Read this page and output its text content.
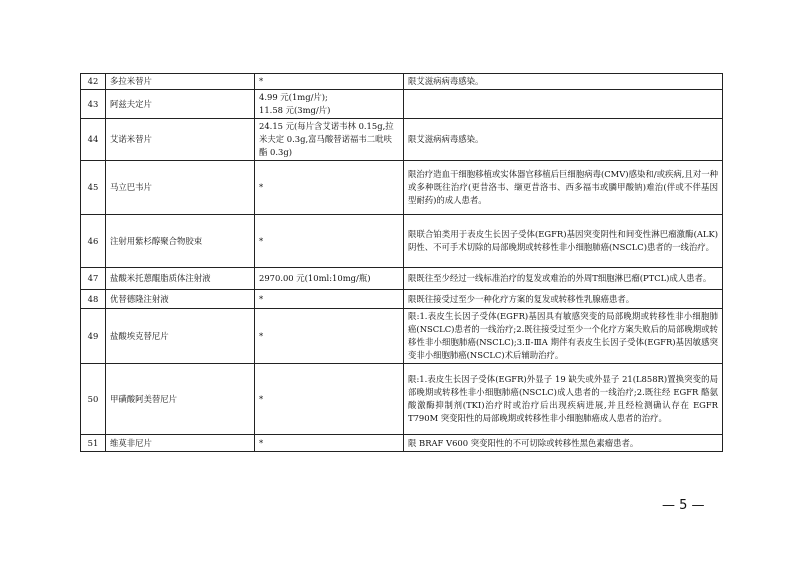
42	多拉米替片	*	限艾滋病病毒感染。
43	阿兹夫定片	4.99 元(1mg/片);
11.58 元(3mg/片)	
44	艾诺米替片	24.15 元(每片含艾诺韦林 0.15g,拉米夫定 0.3g,富马酸替诺福韦二吡呋酯 0.3g)	限艾滋病病毒感染。
45	马立巴韦片	*	限治疗造血干细胞移植或实体器官移植后巨细胞病毒(CMV)感染和/或疾病,且对一种或多种既往治疗(更昔洛韦、缬更昔洛韦、西多福韦或膦甲酸钠)难治(伴或不伴基因型耐药)的成人患者。
46	注射用紫杉醇聚合物胶束	*	限联合铂类用于表皮生长因子受体(EGFR)基因突变阴性和间变性淋巴瘤激酶(ALK)阴性、不可手术切除的局部晚期或转移性非小细胞肺癌(NSCLC)患者的一线治疗。
47	盐酸米托蒽醌脂质体注射液	2970.00 元(10ml:10mg/瓶)	限既往至少经过一线标准治疗的复发或难治的外周T细胞淋巴瘤(PTCL)成人患者。
48	优替德隆注射液	*	限既往接受过至少一种化疗方案的复发或转移性乳腺癌患者。
49	盐酸埃克替尼片	*	限:1.表皮生长因子受体(EGFR)基因具有敏感突变的局部晚期或转移性非小细胞肺癌(NSCLC)患者的一线治疗;2.既往接受过至少一个化疗方案失败后的局部晚期或转移性非小细胞肺癌(NSCLC);3.Ⅱ-ⅢA 期伴有表皮生长因子受体(EGFR)基因敏感突变非小细胞肺癌(NSCLC)术后辅助治疗。
50	甲磺酸阿美替尼片	*	限:1.表皮生长因子受体(EGFR)外显子 19 缺失或外显子 21(L858R)置换突变的局部晚期或转移性非小细胞肺癌(NSCLC)成人患者的一线治疗;2.既往经 EGFR 酪氨酸激酶抑制剂(TKI)治疗时或治疗后出现疾病进展,并且经检测确认存在 EGFR T790M 突变阳性的局部晚期或转移性非小细胞肺癌成人患者的治疗。
51	维莫非尼片	*	限 BRAF V600 突变阳性的不可切除或转移性黑色素瘤患者。
— 5 —
